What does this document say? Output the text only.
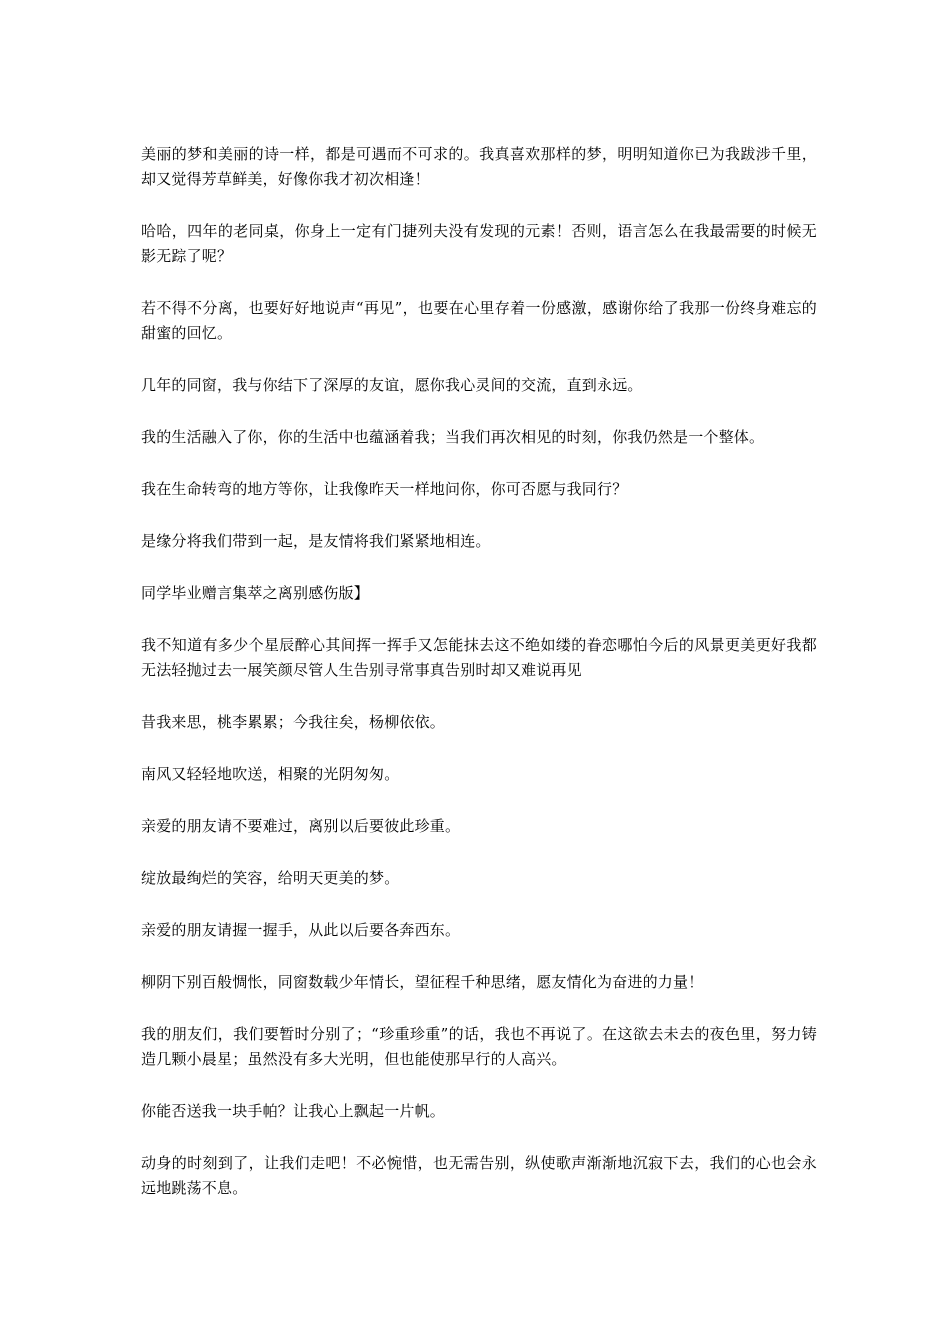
美丽的梦和美丽的诗一样，都是可遇而不可求的。我真喜欢那样的梦，明明知道你已为我跋涉千里，却又觉得芳草鲜美，好像你我才初次相逢！
哈哈，四年的老同桌，你身上一定有门捷列夫没有发现的元素！否则，语言怎么在我最需要的时候无影无踪了呢？
若不得不分离，也要好好地说声“再见”，也要在心里存着一份感激，感谢你给了我那一份终身难忘的甜蜜的回忆。
几年的同窗，我与你结下了深厚的友谊，愿你我心灵间的交流，直到永远。
我的生活融入了你，你的生活中也蕴涵着我；当我们再次相见的时刻，你我仍然是一个整体。
我在生命转弯的地方等你，让我像昨天一样地问你，你可否愿与我同行？
是缘分将我们带到一起，是友情将我们紧紧地相连。
同学毕业赠言集萃之离别感伤版】
我不知道有多少个星辰醉心其间挥一挥手又怎能抹去这不绝如缕的眷恋哪怕今后的风景更美更好我都无法轻抛过去一展笑颜尽管人生告别寻常事真告别时却又难说再见
昔我来思，桃李累累；今我往矣，杨柳依依。
南风又轻轻地吹送，相聚的光阴匆匆。
亲爱的朋友请不要难过，离别以后要彼此珍重。
绽放最绚烂的笑容，给明天更美的梦。
亲爱的朋友请握一握手，从此以后要各奔西东。
柳阴下别百般惆怅，同窗数载少年情长，望征程千种思绪，愿友情化为奋进的力量！
我的朋友们，我们要暂时分别了；“珍重珍重”的话，我也不再说了。在这欲去未去的夜色里，努力铸造几颗小晨星；虽然没有多大光明，但也能使那早行的人高兴。
你能否送我一块手帕？让我心上飘起一片帆。
动身的时刻到了，让我们走吧！不必惋惜，也无需告别，纵使歌声渐渐地沉寂下去，我们的心也会永远地跳荡不息。
